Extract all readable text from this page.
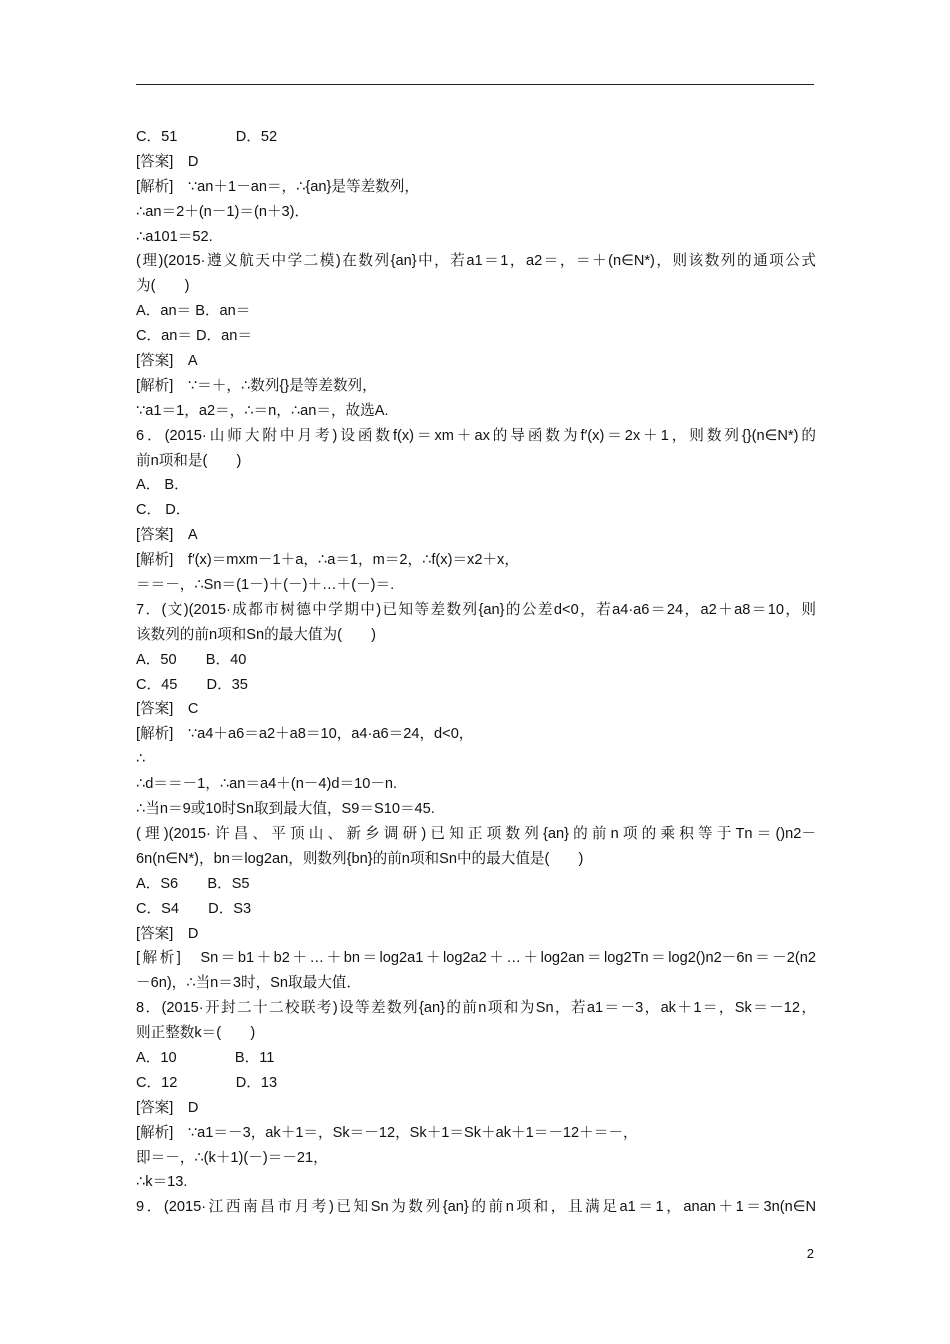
C．51　　　　D．52
[答案]　D
[解析]　∵an＋1－an＝，∴{an}是等差数列，
∴an＝2＋(n－1)＝(n＋3)．
∴a101＝52.
(理)(2015·遵义航天中学二模)在数列{an}中，若a1＝1，a2＝，＝＋(n∈N*)，则该数列的通项公式
为(　　)
A．an＝ B．an＝
C．an＝ D．an＝
[答案]　A
[解析]　∵＝＋，∴数列{}是等差数列，
∵a1＝1，a2＝，∴＝n，∴an＝，故选A.
6．(2015·山师大附中月考)设函数f(x)＝xm＋ax的导函数为f′(x)＝2x＋1，则数列{}(n∈N*)的
前n项和是(　　)
A． B．
C． D．
[答案]　A
[解析]　f′(x)＝mxm－1＋a，∴a＝1，m＝2，∴f(x)＝x2＋x，
＝＝－，∴Sn＝(1－)＋(－)＋…＋(－)＝.
7．(文)(2015·成都市树德中学期中)已知等差数列{an}的公差d<0，若a4·a6＝24，a2＋a8＝10，则
该数列的前n项和Sn的最大值为(　　)
A．50　　B．40
C．45　　D．35
[答案]　C
[解析]　∵a4＋a6＝a2＋a8＝10，a4·a6＝24，d<0，
∴
∴d＝＝－1，∴an＝a4＋(n－4)d＝10－n.
∴当n＝9或10时Sn取到最大值，S9＝S10＝45.
(理)(2015·许昌、平顶山、新乡调研)已知正项数列{an}的前n项的乘积等于Tn＝()n2－
6n(n∈N*)，bn＝log2an，则数列{bn}的前n项和Sn中的最大值是(　　)
A．S6　　B．S5
C．S4　　D．S3
[答案]　D
[解析]　Sn＝b1＋b2＋…＋bn＝log2a1＋log2a2＋…＋log2an＝log2Tn＝log2()n2－6n＝－2(n2
－6n)，∴当n＝3时，Sn取最大值．
8．(2015·开封二十二校联考)设等差数列{an}的前n项和为Sn，若a1＝－3，ak＋1＝，Sk＝－12，
则正整数k＝(　　)
A．10　　　　B．11
C．12　　　　D．13
[答案]　D
[解析]　∵a1＝－3，ak＋1＝，Sk＝－12，Sk＋1＝Sk＋ak＋1＝－12＋＝－，
即＝－，∴(k＋1)(－)＝－21，
∴k＝13.
9．(2015·江西南昌市月考)已知Sn为数列{an}的前n项和，且满足a1＝1，anan＋1＝3n(n∈N
2
